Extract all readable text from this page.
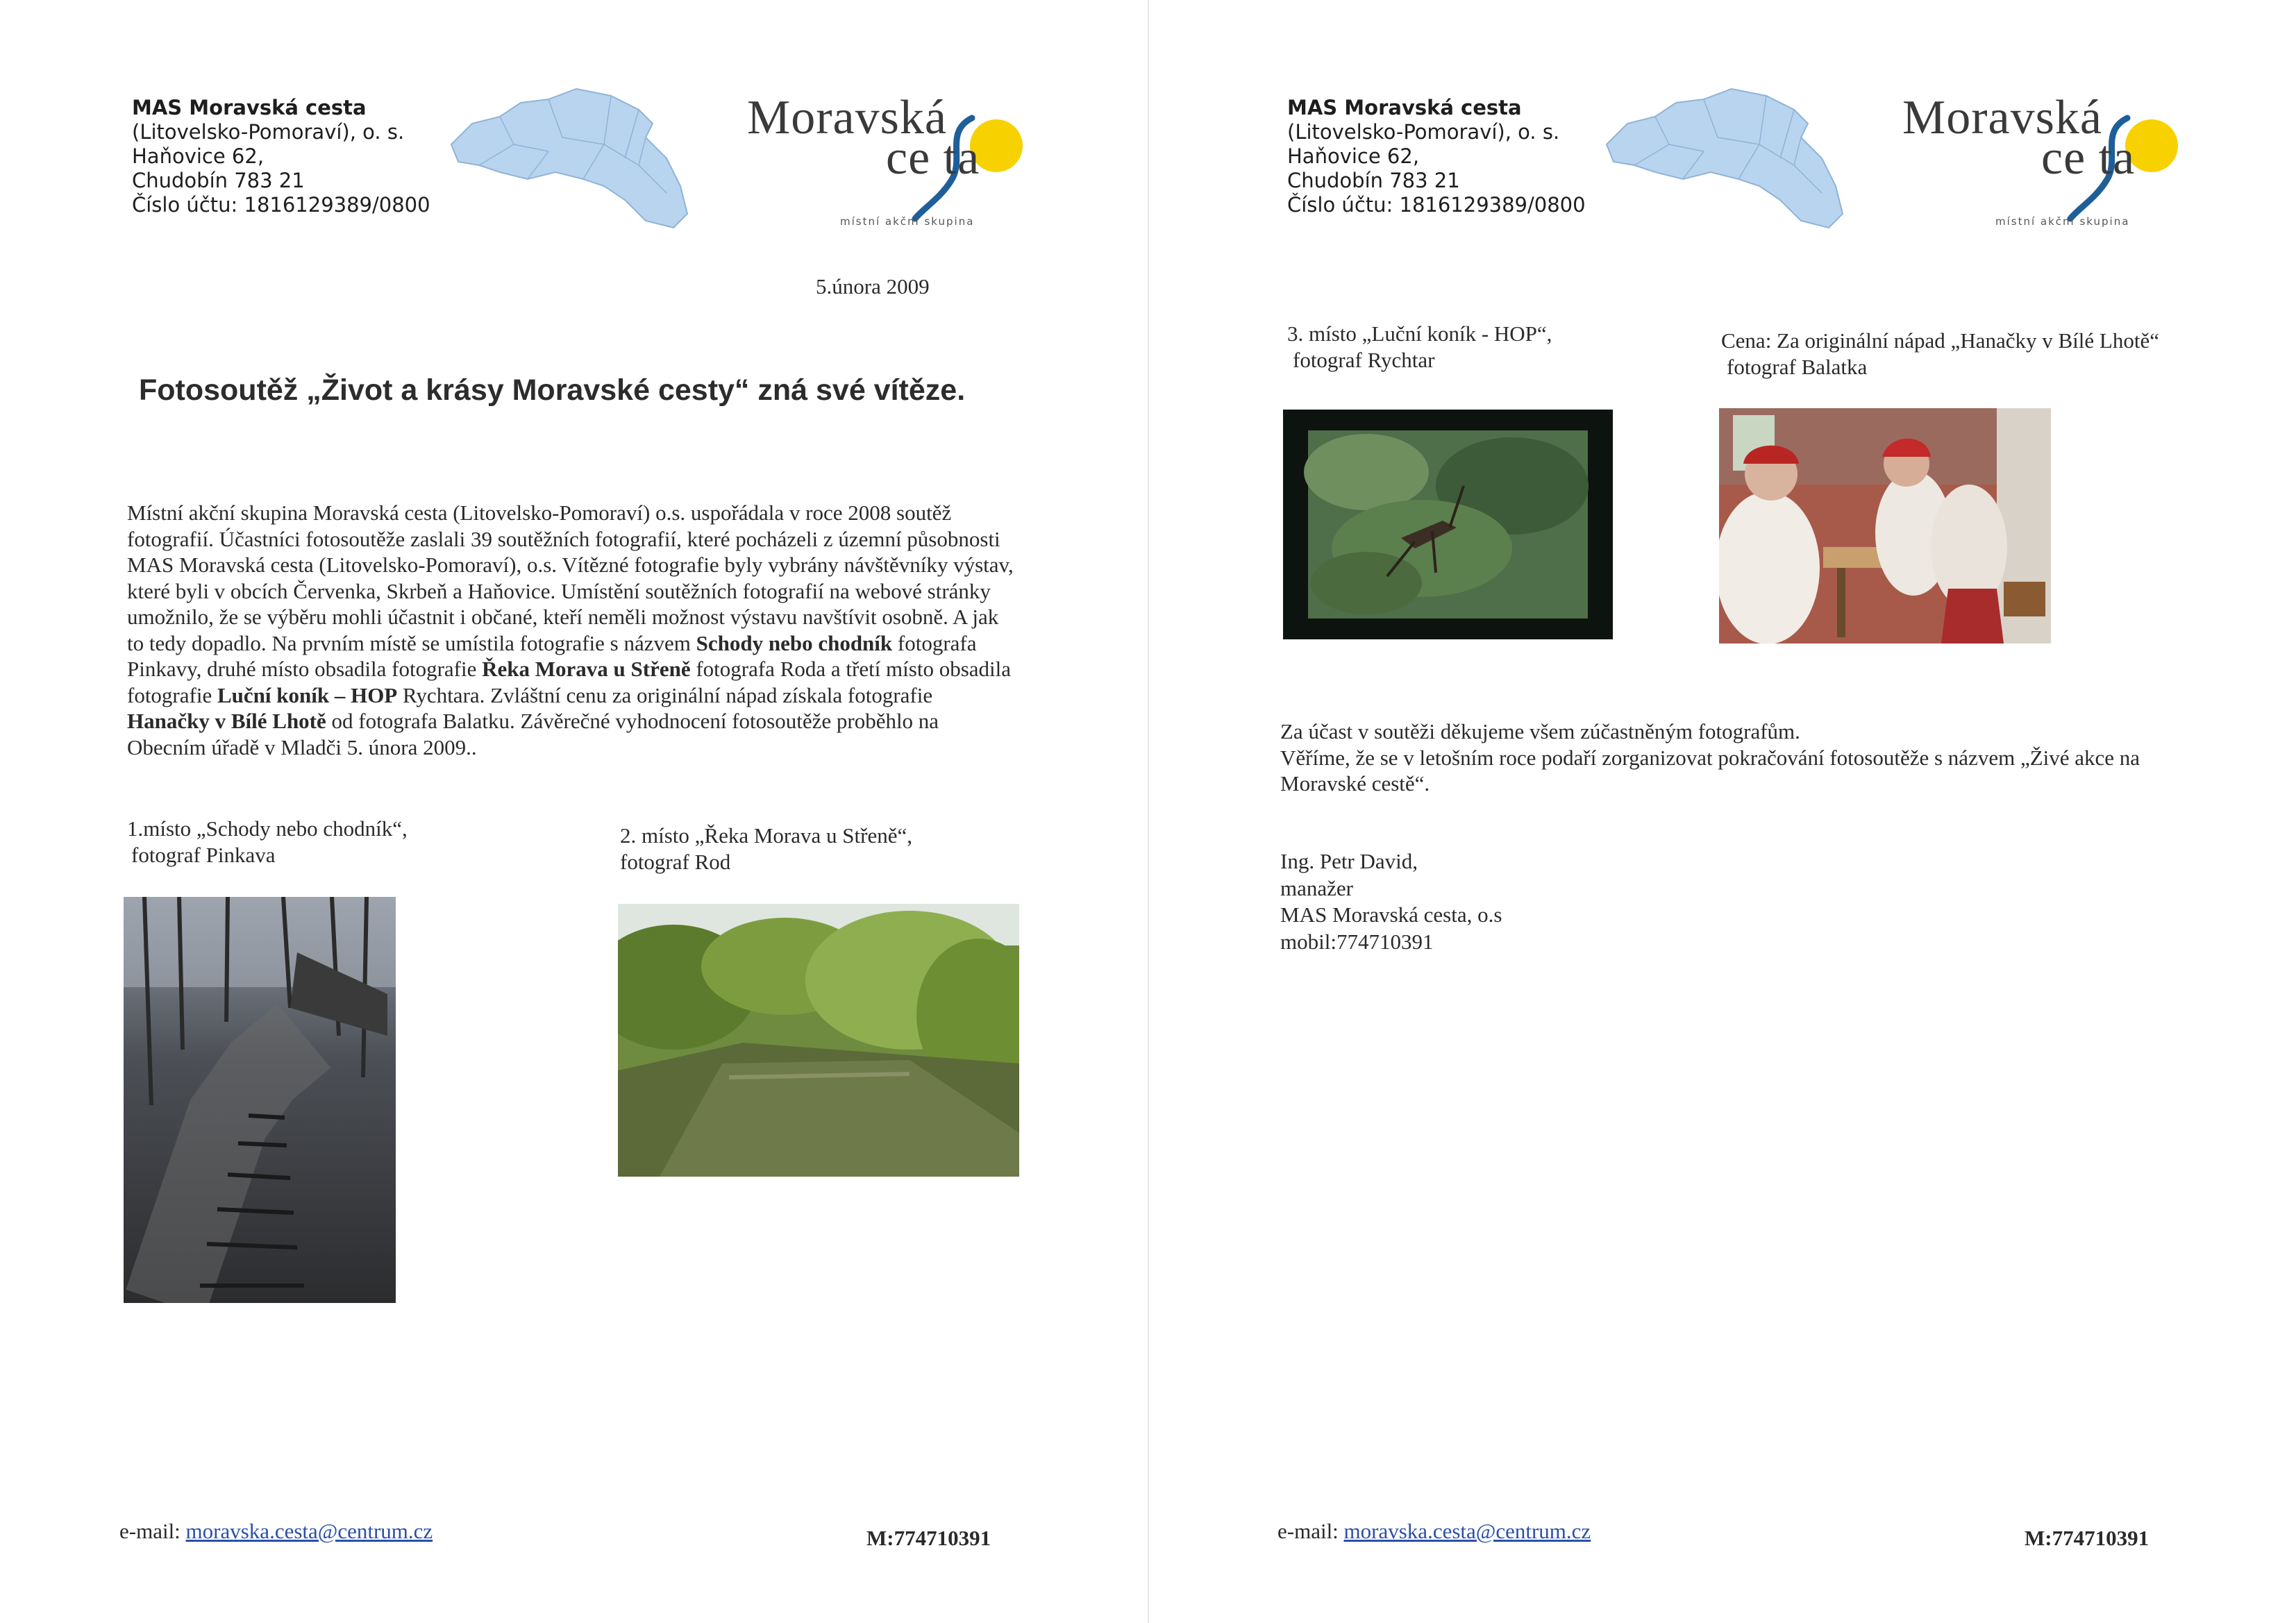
MAS Moravská cesta
(Litovelsko-Pomoraví), o. s.
Haňovice 62,
Chudobín 783 21
Číslo účtu: 1816129389/0800
Moravská
ce ta
místní akční skupina
5.února 2009
Fotosoutěž „Život a krásy Moravské cesty“ zná své vítěze.
Místní akční skupina Moravská cesta (Litovelsko-Pomoraví) o.s. uspořádala v roce 2008 soutěž fotografií. Účastníci fotosoutěže zaslali 39 soutěžních fotografií, které pocházeli z územní působnosti MAS Moravská cesta (Litovelsko-Pomoraví), o.s. Vítězné fotografie byly vybrány návštěvníky výstav, které byli v obcích Červenka, Skrbeň a Haňovice. Umístění soutěžních fotografií na webové stránky umožnilo, že se výběru mohli účastnit i občané, kteří neměli možnost výstavu navštívit osobně. A jak to tedy dopadlo. Na prvním místě se umístila fotografie s názvem Schody nebo chodník fotografa Pinkavy, druhé místo obsadila fotografie Řeka Morava u Střeně fotografa Roda a třetí místo obsadila fotografie Luční koník – HOP Rychtara. Zvláštní cenu za originální nápad získala fotografie Hanačky v Bílé Lhotě od fotografa Balatku. Závěrečné vyhodnocení fotosoutěže proběhlo na Obecním úřadě v Mladči 5. února 2009..
1.místo „Schody nebo chodník“,
fotograf Pinkava
2. místo „Řeka Morava u Střeně“,
fotograf Rod
e-mail: moravska.cesta@centrum.cz	M:774710391
MAS Moravská cesta
(Litovelsko-Pomoraví), o. s.
Haňovice 62,
Chudobín 783 21
Číslo účtu: 1816129389/0800
Moravská
ce ta
místní akční skupina
3. místo „Luční koník - HOP“,
fotograf Rychtar
Cena: Za originální nápad „Hanačky v Bílé Lhotě“
fotograf Balatka
Za účast v soutěži děkujeme všem zúčastněným fotografům.
Věříme, že se v letošním roce podaří zorganizovat pokračování fotosoutěže s názvem „Živé akce na Moravské cestě“.
Ing. Petr David,
manažer
MAS Moravská cesta, o.s
mobil:774710391
e-mail: moravska.cesta@centrum.cz	M:774710391
